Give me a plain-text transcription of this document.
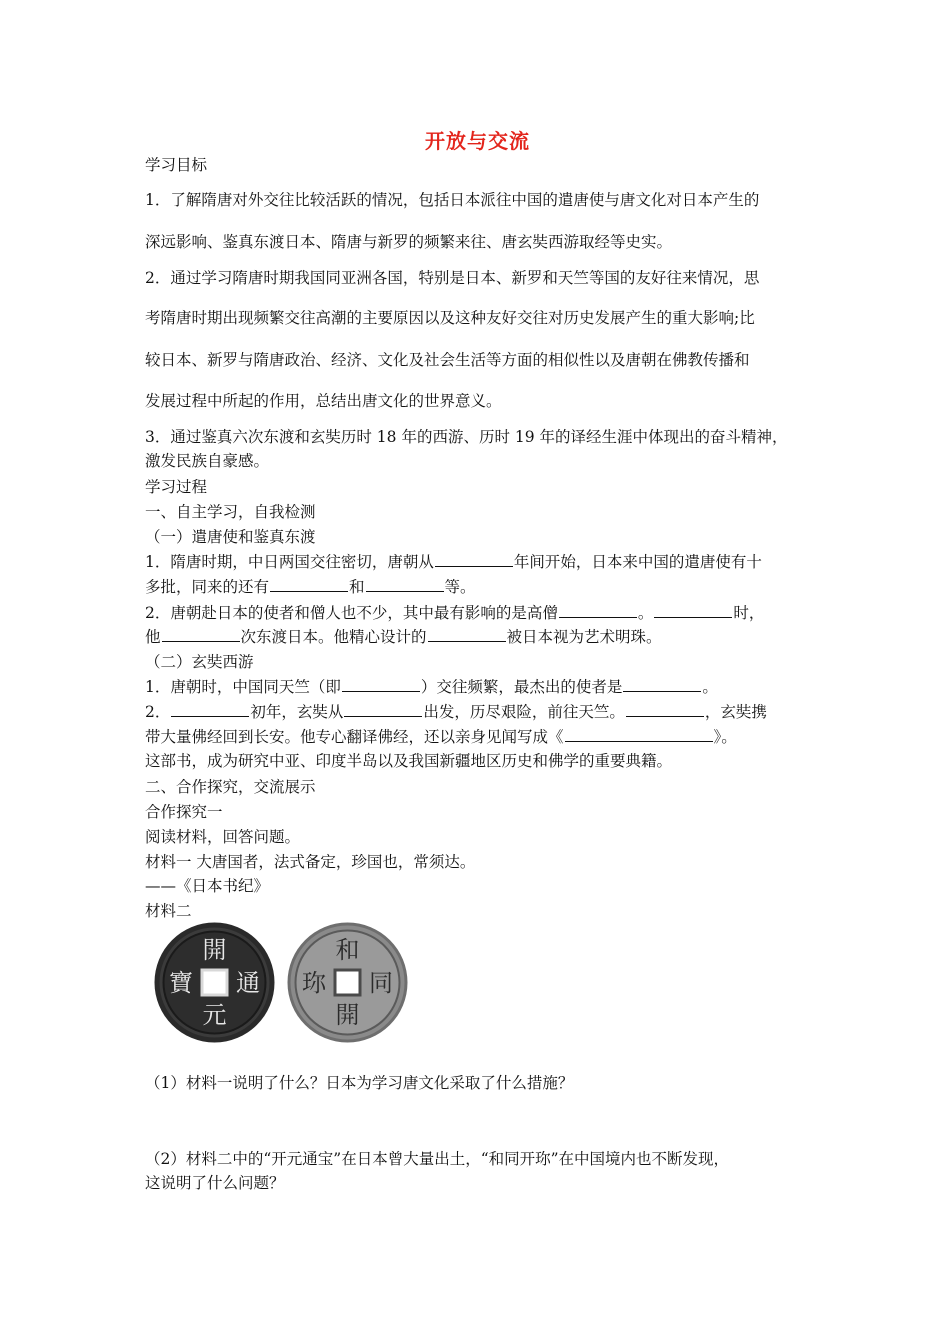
开放与交流
学习目标
1．了解隋唐对外交往比较活跃的情况，包括日本派往中国的遣唐使与唐文化对日本产生的
深远影响、鉴真东渡日本、隋唐与新罗的频繁来往、唐玄奘西游取经等史实。
2．通过学习隋唐时期我国同亚洲各国，特别是日本、新罗和天竺等国的友好往来情况，思
考隋唐时期出现频繁交往高潮的主要原因以及这种友好交往对历史发展产生的重大影响;比
较日本、新罗与隋唐政治、经济、文化及社会生活等方面的相似性以及唐朝在佛教传播和
发展过程中所起的作用，总结出唐文化的世界意义。
3．通过鉴真六次东渡和玄奘历时 18 年的西游、历时 19 年的译经生涯中体现出的奋斗精神，
激发民族自豪感。
学习过程
一、自主学习，自我检测
（一）遣唐使和鉴真东渡
1．隋唐时期，中日两国交往密切，唐朝从	年间开始，日本来中国的遣唐使有十
多批，同来的还有	和	等。
2．唐朝赴日本的使者和僧人也不少，其中最有影响的是高僧	。	时，
他	次东渡日本。他精心设计的	被日本视为艺术明珠。
（二）玄奘西游
1．唐朝时，中国同天竺（即	）交往频繁，最杰出的使者是	。
2．	初年，玄奘从	出发，历尽艰险，前往天竺。	，玄奘携
带大量佛经回到长安。他专心翻译佛经，还以亲身见闻写成《	》。
这部书，成为研究中亚、印度半岛以及我国新疆地区历史和佛学的重要典籍。
二、合作探究，交流展示
合作探究一
阅读材料，回答问题。
材料一 大唐国者，法式备定，珍国也，常须达。
——《日本书纪》
材料二
（1）材料一说明了什么？日本为学习唐文化采取了什么措施？
（2）材料二中的“开元通宝”在日本曾大量出土，“和同开珎”在中国境内也不断发现，
这说明了什么问题？
開
元
寶 通
和
開
珎 同
